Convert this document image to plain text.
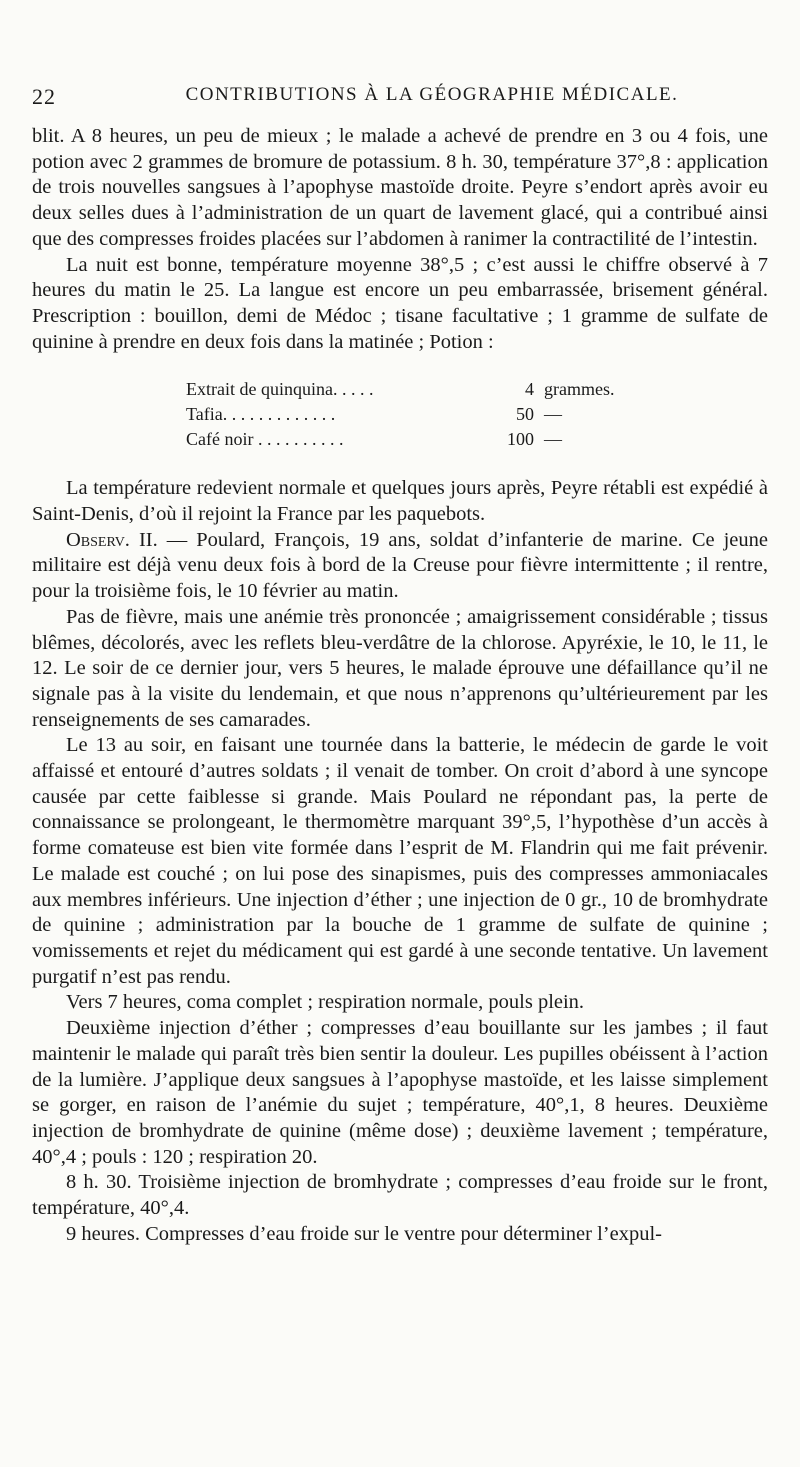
22	CONTRIBUTIONS À LA GÉOGRAPHIE MÉDICALE.

blit. A 8 heures, un peu de mieux ; le malade a achevé de prendre en 3 ou 4 fois, une potion avec 2 grammes de bromure de potassium. 8 h. 30, température 37°,8 : application de trois nouvelles sangsues à l’apophyse mastoïde droite. Peyre s’endort après avoir eu deux selles dues à l’administration de un quart de lavement glacé, qui a contribué ainsi que des compresses froides placées sur l’abdomen à ranimer la contractilité de l’intestin.

La nuit est bonne, température moyenne 38°,5 ; c’est aussi le chiffre observé à 7 heures du matin le 25. La langue est encore un peu embarrassée, brisement général. Prescription : bouillon, demi de Médoc ; tisane facultative ; 1 gramme de sulfate de quinine à prendre en deux fois dans la matinée ; Potion :

Extrait de quinquina. . . . .	4 grammes.
Tafia. . . . . . . . . . . . .	50 —
Café noir . . . . . . . . . .	100 —

La température redevient normale et quelques jours après, Peyre rétabli est expédié à Saint-Denis, d’où il rejoint la France par les paquebots.

Observ. II. — Poulard, François, 19 ans, soldat d’infanterie de marine. Ce jeune militaire est déjà venu deux fois à bord de la Creuse pour fièvre intermittente ; il rentre, pour la troisième fois, le 10 février au matin.

Pas de fièvre, mais une anémie très prononcée ; amaigrissement considérable ; tissus blêmes, décolorés, avec les reflets bleu-verdâtre de la chlorose. Apyréxie, le 10, le 11, le 12. Le soir de ce dernier jour, vers 5 heures, le malade éprouve une défaillance qu’il ne signale pas à la visite du lendemain, et que nous n’apprenons qu’ultérieurement par les renseignements de ses camarades.

Le 13 au soir, en faisant une tournée dans la batterie, le médecin de garde le voit affaissé et entouré d’autres soldats ; il venait de tomber. On croit d’abord à une syncope causée par cette faiblesse si grande. Mais Poulard ne répondant pas, la perte de connaissance se prolongeant, le thermomètre marquant 39°,5, l’hypothèse d’un accès à forme comateuse est bien vite formée dans l’esprit de M. Flandrin qui me fait prévenir. Le malade est couché ; on lui pose des sinapismes, puis des compresses ammoniacales aux membres inférieurs. Une injection d’éther ; une injection de 0 gr., 10 de bromhydrate de quinine ; administration par la bouche de 1 gramme de sulfate de quinine ; vomissements et rejet du médicament qui est gardé à une seconde tentative. Un lavement purgatif n’est pas rendu.

Vers 7 heures, coma complet ; respiration normale, pouls plein.

Deuxième injection d’éther ; compresses d’eau bouillante sur les jambes ; il faut maintenir le malade qui paraît très bien sentir la douleur. Les pupilles obéissent à l’action de la lumière. J’applique deux sangsues à l’apophyse mastoïde, et les laisse simplement se gorger, en raison de l’anémie du sujet ; température, 40°,1, 8 heures. Deuxième injection de bromhydrate de quinine (même dose) ; deuxième lavement ; température, 40°,4 ; pouls : 120 ; respiration 20.

8 h. 30. Troisième injection de bromhydrate ; compresses d’eau froide sur le front, température, 40°,4.

9 heures. Compresses d’eau froide sur le ventre pour déterminer l’expul-
